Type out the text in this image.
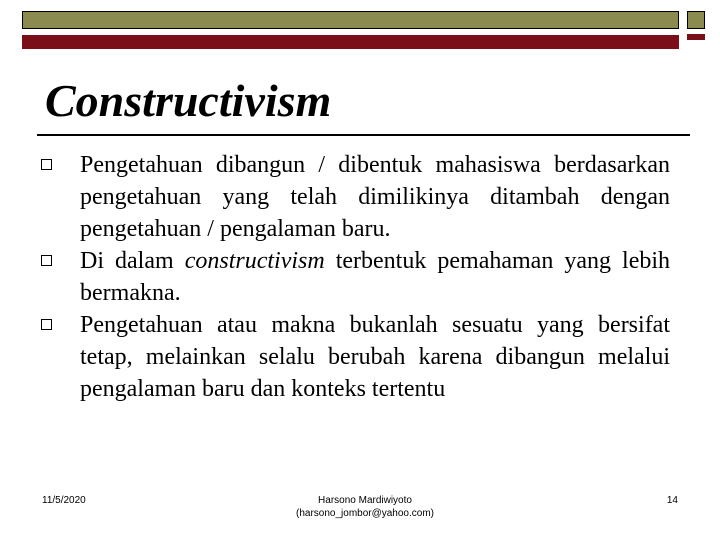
Constructivism
Pengetahuan dibangun / dibentuk mahasiswa berdasarkan pengetahuan yang telah dimilikinya ditambah dengan pengetahuan / pengalaman baru.
Di dalam constructivism terbentuk pemahaman yang lebih bermakna.
Pengetahuan atau makna bukanlah sesuatu yang bersifat tetap, melainkan selalu berubah karena dibangun melalui pengalaman baru dan konteks tertentu
11/5/2020	Harsono Mardiwiyoto
(harsono_jombor@yahoo.com)
14
